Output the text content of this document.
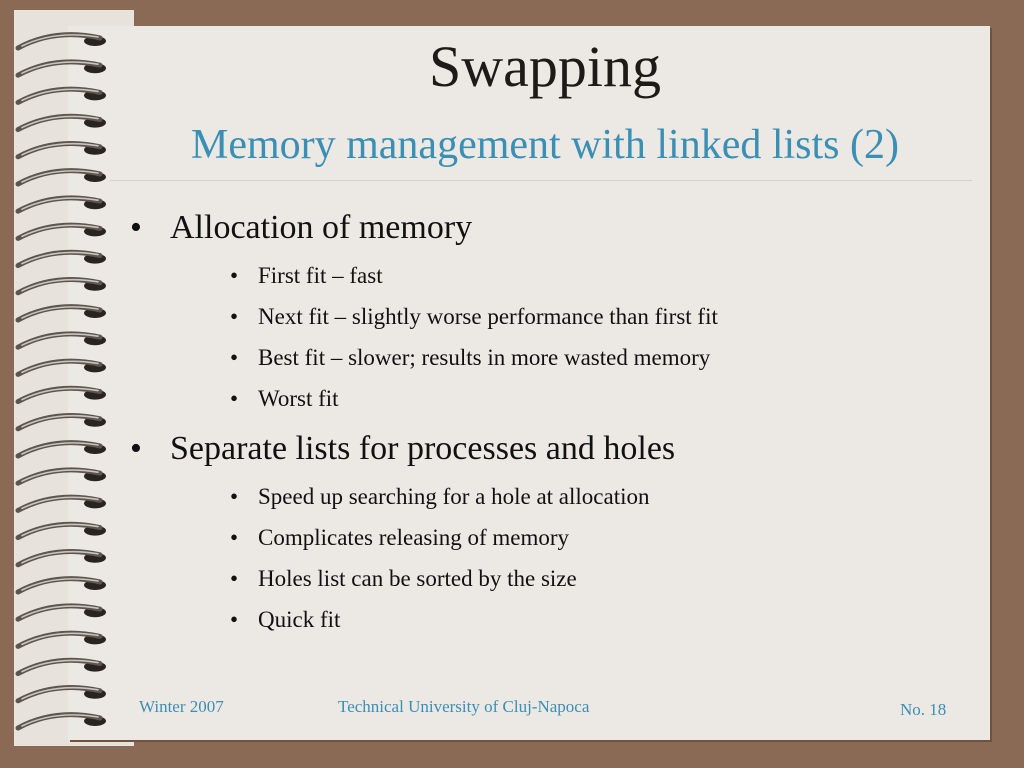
Swapping
Memory management with linked lists (2)
• Allocation of memory
• First fit – fast
• Next fit – slightly worse performance than first fit
• Best fit – slower; results in more wasted memory
• Worst fit
• Separate lists for processes and holes
• Speed up searching for a hole at allocation
• Complicates releasing of memory
• Holes list can be sorted by the size
• Quick fit
Winter 2007	Technical University of Cluj-Napoca	No. 18
